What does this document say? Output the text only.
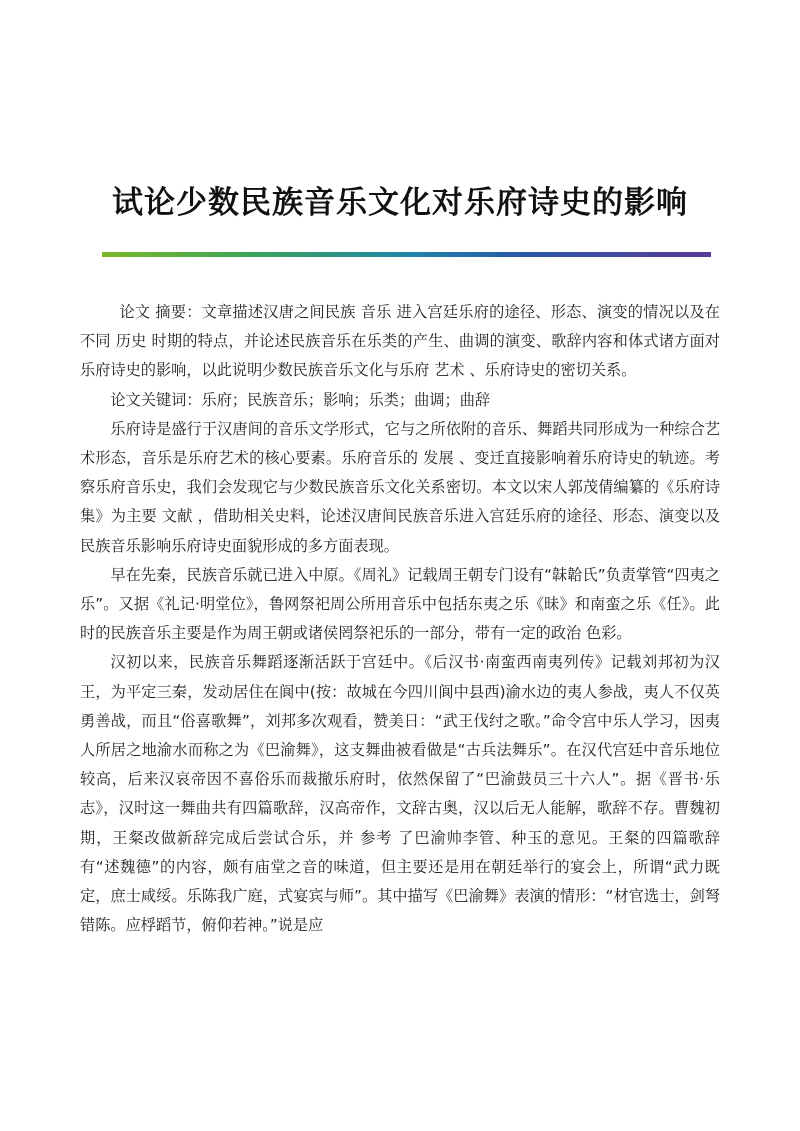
试论少数民族音乐文化对乐府诗史的影响

论文 摘要：文章描述汉唐之间民族 音乐 进入宫廷乐府的途径、形态、演变的情况以及在不同 历史 时期的特点，并论述民族音乐在乐类的产生、曲调的演变、歌辞内容和体式诸方面对乐府诗史的影响，以此说明少数民族音乐文化与乐府 艺术 、乐府诗史的密切关系。

论文关键词：乐府；民族音乐；影响；乐类；曲调；曲辞

乐府诗是盛行于汉唐间的音乐文学形式，它与之所依附的音乐、舞蹈共同形成为一种综合艺术形态，音乐是乐府艺术的核心要素。乐府音乐的 发展 、变迁直接影响着乐府诗史的轨迹。考察乐府音乐史，我们会发现它与少数民族音乐文化关系密切。本文以宋人郭茂倩编纂的《乐府诗集》为主要 文献 ，借助相关史料，论述汉唐间民族音乐进入宫廷乐府的途径、形态、演变以及民族音乐影响乐府诗史面貌形成的多方面表现。

早在先秦，民族音乐就已进入中原。《周礼》记载周王朝专门设有“韎韐氏”负责掌管“四夷之乐”。又据《礼记·明堂位》，鲁网祭祀周公所用音乐中包括东夷之乐《昧》和南蛮之乐《任》。此时的民族音乐主要是作为周王朝或诸侯罔祭祀乐的一部分，带有一定的政治 色彩。

汉初以来，民族音乐舞蹈逐渐活跃于宫廷中。《后汉书·南蛮西南夷列传》记载刘邦初为汉王，为平定三秦，发动居住在阆中(按：故城在今四川阆中县西)渝水边的夷人参战，夷人不仅英勇善战，而且“俗喜歌舞”，刘邦多次观看，赞美日：“武王伐纣之歌。”命令宫中乐人学习，因夷人所居之地渝水而称之为《巴渝舞》，这支舞曲被看做是“古兵法舞乐”。在汉代宫廷中音乐地位较高，后来汉哀帝因不喜俗乐而裁撤乐府时，依然保留了“巴渝鼓员三十六人”。据《晋书·乐志》，汉时这一舞曲共有四篇歌辞，汉高帝作，文辞古奥，汉以后无人能解，歌辞不存。曹魏初期，王粲改做新辞完成后尝试合乐，并 参考 了巴渝帅李管、种玉的意见。王粲的四篇歌辞有“述魏德”的内容，颇有庙堂之音的味道，但主要还是用在朝廷举行的宴会上，所谓“武力既定，庶士咸绥。乐陈我广庭，式宴宾与师”。其中描写《巴渝舞》表演的情形：“材官选士，剑弩错陈。应桴蹈节，俯仰若神。”说是应
